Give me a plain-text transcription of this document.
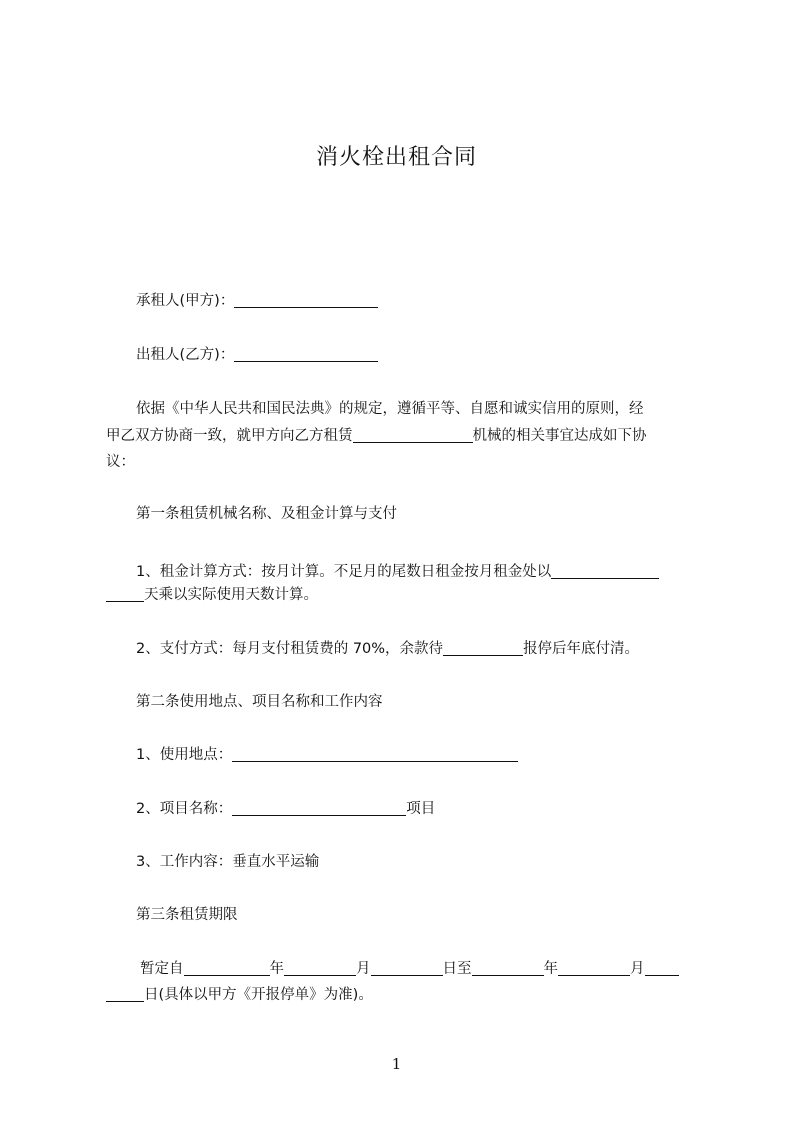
消火栓出租合同
承租人(甲方)：
出租人(乙方)：
依据《中华人民共和国民法典》的规定，遵循平等、自愿和诚实信用的原则，经
甲乙双方协商一致，就甲方向乙方租赁	机械的相关事宜达成如下协
议：
第一条租赁机械名称、及租金计算与支付
1、租金计算方式：按月计算。不足月的尾数日租金按月租金处以
天乘以实际使用天数计算。
2、支付方式：每月支付租赁费的 70%，余款待	报停后年底付清。
第二条使用地点、项目名称和工作内容
1、使用地点：
2、项目名称：	项目
3、工作内容：垂直水平运输
第三条租赁期限
暂定自	年	月	日至	年	月
日(具体以甲方《开报停单》为准)。
1
